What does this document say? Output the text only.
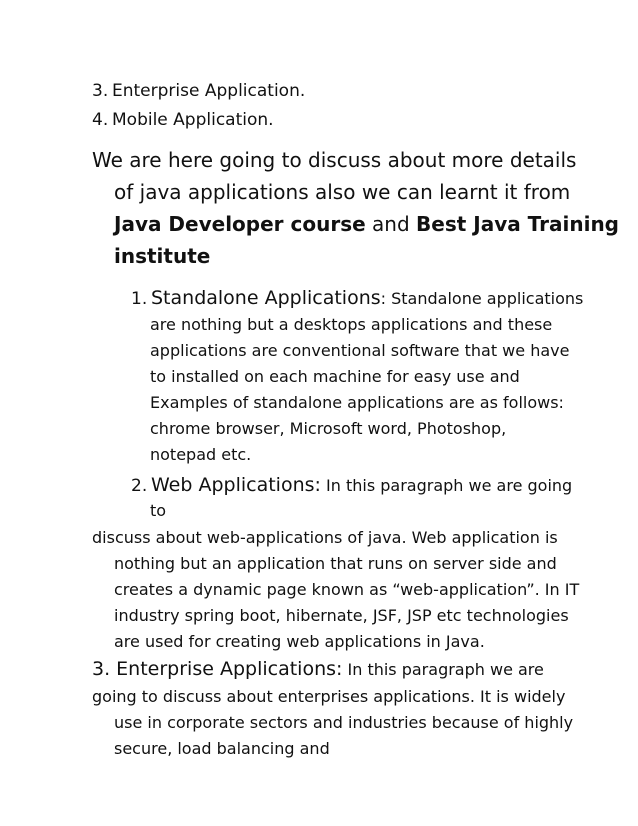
3. Enterprise Application.
4. Mobile Application.
We are here going to discuss about more details
of java applications also we can learnt it from
Java Developer course and Best Java Training
institute
1. Standalone Applications: Standalone applications
are nothing but a desktops applications and these
applications are conventional software that we have
to installed on each machine for easy use and
Examples of standalone applications are as follows:
chrome browser, Microsoft word, Photoshop,
notepad etc.
2. Web Applications: In this paragraph we are going
to
discuss about web-applications of java. Web application is
nothing but an application that runs on server side and
creates a dynamic page known as “web-application”. In IT
industry spring boot, hibernate, JSF, JSP etc technologies
are used for creating web applications in Java.
3. Enterprise Applications: In this paragraph we are
going to discuss about enterprises applications. It is widely
use in corporate sectors and industries because of highly
secure, load balancing and
